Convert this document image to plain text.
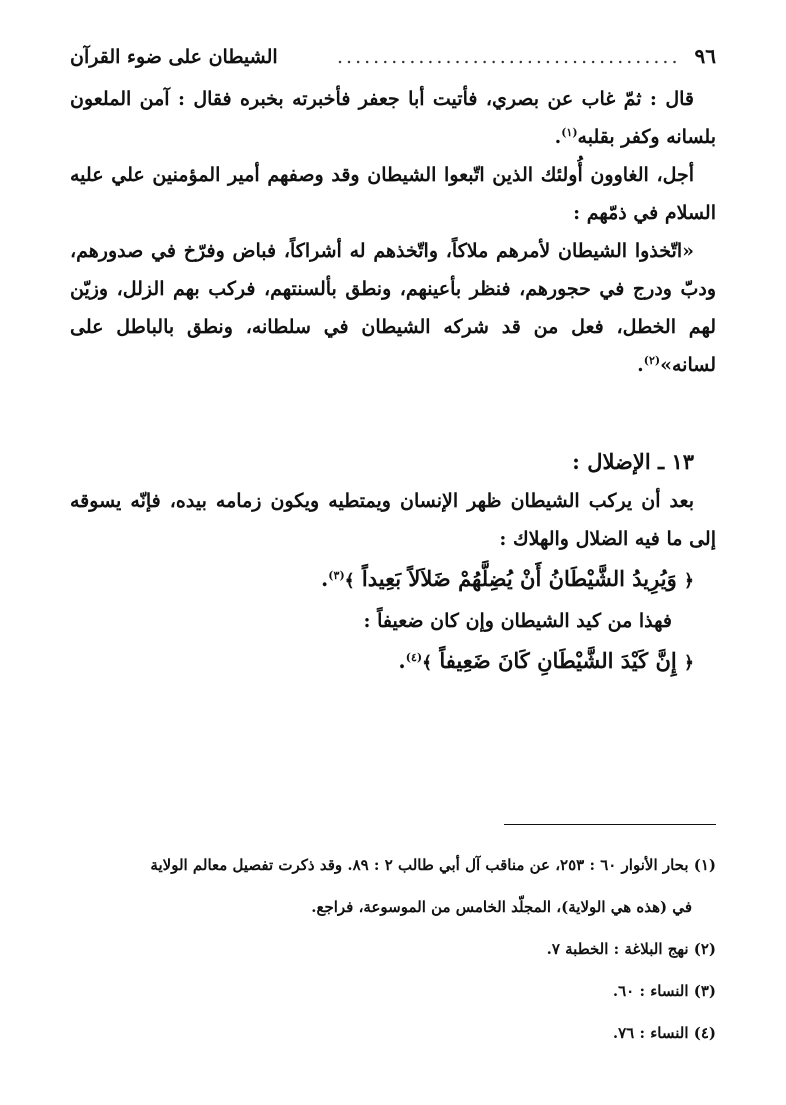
٩٦
......................................
الشيطان على ضوء القرآن

قال : ثمّ غاب عن بصري، فأتيت أبا جعفر فأخبرته بخبره فقال : آمن الملعون بلسانه وكفر بقلبه$^{(١)}$.

أجل، الغاوون أُولئك الذين اتّبعوا الشيطان وقد وصفهم أمير المؤمنين علي عليه السلام في ذمّهم :

«اتّخذوا الشيطان لأمرهم ملاكاً، واتّخذهم له أشراكاً، فباض وفرّخ في صدورهم، ودبّ ودرج في حجورهم، فنظر بأعينهم، ونطق بألسنتهم، فركب بهم الزلل، وزيّن لهم الخطل، فعل من قد شركه الشيطان في سلطانه، ونطق بالباطل على لسانه»$^{(٢)}$.

١٣ ـ الإضلال :

بعد أن يركب الشيطان ظهر الإنسان ويمتطيه ويكون زمامه بيده، فإنّه يسوقه إلى ما فيه الضلال والهلاك :

﴿ وَيُرِيدُ الشَّيْطَانُ أَنْ يُضِلَّهُمْ ضَلاَلاً بَعِيداً ﴾$^{(٣)}$.
فهذا من كيد الشيطان وإن كان ضعيفاً :
﴿ إِنَّ كَيْدَ الشَّيْطَانِ كَانَ ضَعِيفاً ﴾$^{(٤)}$.

(١) بحار الأنوار ٦٠ : ٢٥٣، عن مناقب آل أبي طالب ٢ : ٨٩. وقد ذكرت تفصيل معالم الولاية
في (هذه هي الولاية)، المجلّد الخامس من الموسوعة، فراجع.

(٢) نهج البلاغة : الخطبة ٧.

(٣) النساء : ٦٠.

(٤) النساء : ٧٦.
